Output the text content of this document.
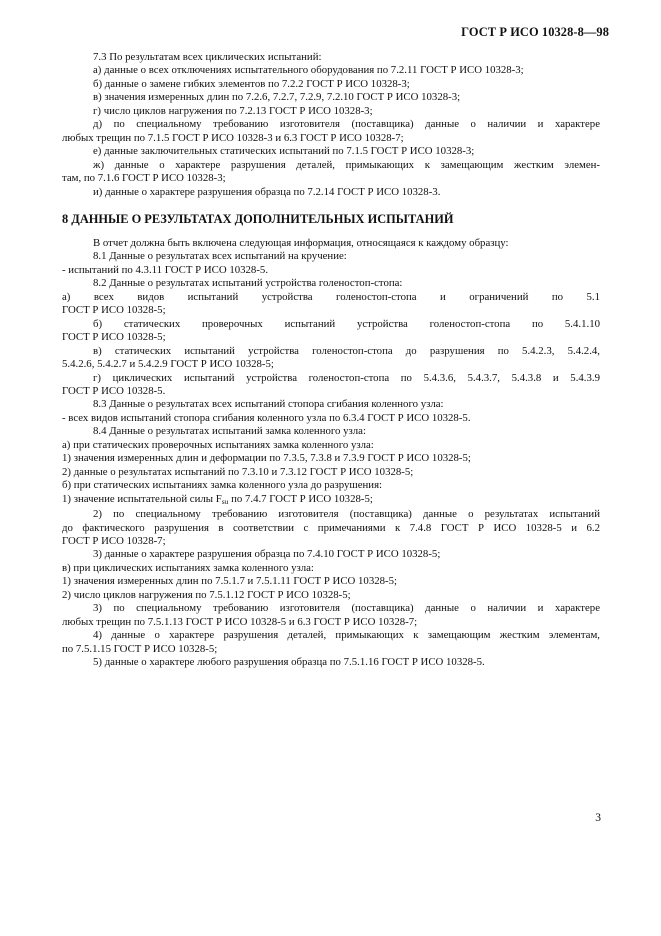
ГОСТ Р ИСО 10328-8—98

7.3 По результатам всех циклических испытаний:

а) данные о всех отключениях испытательного оборудования по 7.2.11 ГОСТ Р ИСО 10328-3;

б) данные о замене гибких элементов по 7.2.2 ГОСТ Р ИСО 10328-3;

в) значения измеренных длин по 7.2.6, 7.2.7, 7.2.9, 7.2.10 ГОСТ Р ИСО 10328-3;

г) число циклов нагружения по 7.2.13 ГОСТ Р ИСО 10328-3;

д) по специальному требованию изготовителя (поставщика) данные о наличии и характере

любых трещин по 7.1.5 ГОСТ Р ИСО 10328-3 и 6.3 ГОСТ Р ИСО 10328-7;

е) данные заключительных статических испытаний по 7.1.5 ГОСТ Р ИСО 10328-3;

ж) данные о характере разрушения деталей, примыкающих к замещающим жестким элемен-

там, по 7.1.6 ГОСТ Р ИСО 10328-3;

и) данные о характере разрушения образца по 7.2.14 ГОСТ Р ИСО 10328-3.

8 ДАННЫЕ О РЕЗУЛЬТАТАХ ДОПОЛНИТЕЛЬНЫХ ИСПЫТАНИЙ

В отчет должна быть включена следующая информация, относящаяся к каждому образцу:

8.1 Данные о результатах всех испытаний на кручение:

- испытаний по 4.3.11 ГОСТ Р ИСО 10328-5.

8.2 Данные о результатах испытаний устройства голеностоп-стопа:

а) всех видов испытаний устройства голеностоп-стопа и ограничений по 5.1

ГОСТ Р ИСО 10328-5;

б) статических проверочных испытаний устройства голеностоп-стопа по 5.4.1.10

ГОСТ Р ИСО 10328-5;

в) статических испытаний устройства голеностоп-стопа до разрушения по 5.4.2.3, 5.4.2.4,

5.4.2.6, 5.4.2.7 и 5.4.2.9 ГОСТ Р ИСО 10328-5;

г) циклических испытаний устройства голеностоп-стопа по 5.4.3.6, 5.4.3.7, 5.4.3.8 и 5.4.3.9

ГОСТ Р ИСО 10328-5.

8.3 Данные о результатах всех испытаний стопора сгибания коленного узла:

- всех видов испытаний стопора сгибания коленного узла по 6.3.4 ГОСТ Р ИСО 10328-5.

8.4 Данные о результатах испытаний замка коленного узла:

а) при статических проверочных испытаниях замка коленного узла:

1) значения измеренных длин и деформации по 7.3.5, 7.3.8 и 7.3.9 ГОСТ Р ИСО 10328-5;

2) данные о результатах испытаний по 7.3.10 и 7.3.12 ГОСТ Р ИСО 10328-5;

б) при статических испытаниях замка коленного узла до разрушения:

1) значение испытательной силы $F_{su}$ по 7.4.7 ГОСТ Р ИСО 10328-5;

2) по специальному требованию изготовителя (поставщика) данные о результатах испытаний

до фактического разрушения в соответствии с примечаниями к 7.4.8 ГОСТ Р ИСО 10328-5 и 6.2

ГОСТ Р ИСО 10328-7;

3) данные о характере разрушения образца по 7.4.10 ГОСТ Р ИСО 10328-5;

в) при циклических испытаниях замка коленного узла:

1) значения измеренных длин по 7.5.1.7 и 7.5.1.11 ГОСТ Р ИСО 10328-5;

2) число циклов нагружения по 7.5.1.12 ГОСТ Р ИСО 10328-5;

3) по специальному требованию изготовителя (поставщика) данные о наличии и характере

любых трещин по 7.5.1.13 ГОСТ Р ИСО 10328-5 и 6.3 ГОСТ Р ИСО 10328-7;

4) данные о характере разрушения деталей, примыкающих к замещающим жестким элементам,

по 7.5.1.15 ГОСТ Р ИСО 10328-5;

5) данные о характере любого разрушения образца по 7.5.1.16 ГОСТ Р ИСО 10328-5.

3
